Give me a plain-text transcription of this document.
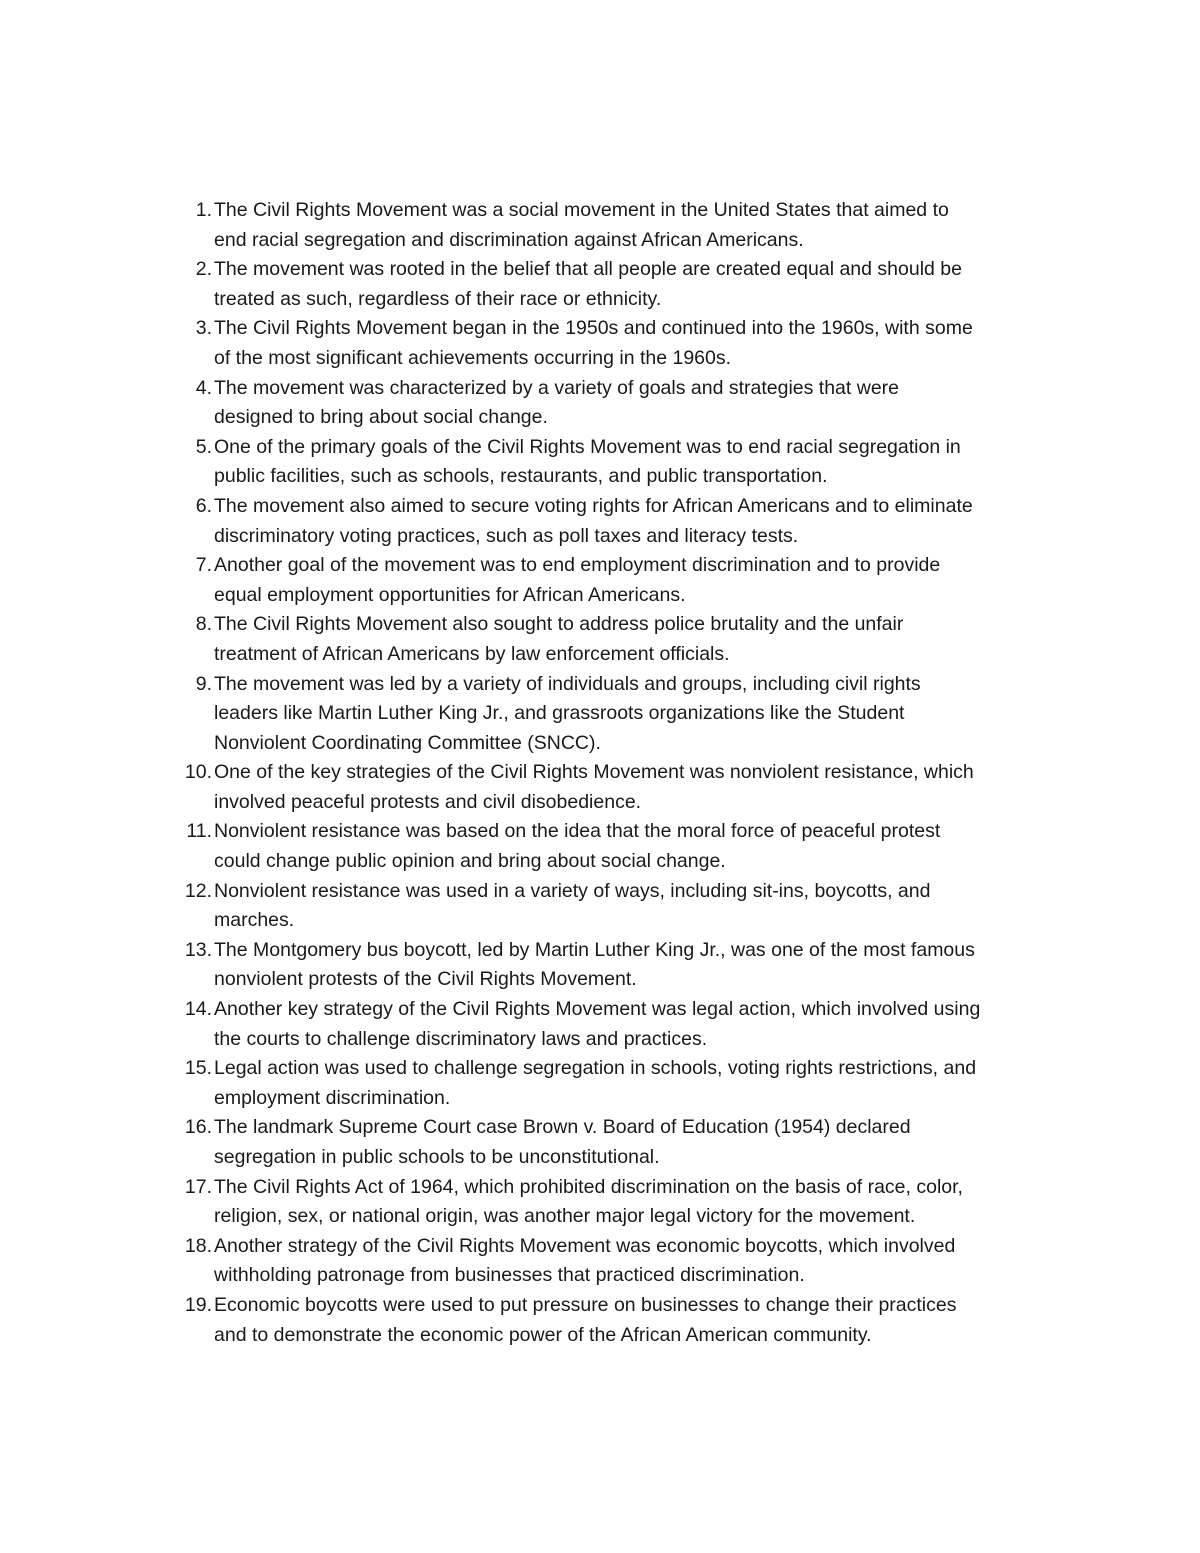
1. The Civil Rights Movement was a social movement in the United States that aimed to
end racial segregation and discrimination against African Americans.
2. The movement was rooted in the belief that all people are created equal and should be
treated as such, regardless of their race or ethnicity.
3. The Civil Rights Movement began in the 1950s and continued into the 1960s, with some
of the most significant achievements occurring in the 1960s.
4. The movement was characterized by a variety of goals and strategies that were
designed to bring about social change.
5. One of the primary goals of the Civil Rights Movement was to end racial segregation in
public facilities, such as schools, restaurants, and public transportation.
6. The movement also aimed to secure voting rights for African Americans and to eliminate
discriminatory voting practices, such as poll taxes and literacy tests.
7. Another goal of the movement was to end employment discrimination and to provide
equal employment opportunities for African Americans.
8. The Civil Rights Movement also sought to address police brutality and the unfair
treatment of African Americans by law enforcement officials.
9. The movement was led by a variety of individuals and groups, including civil rights
leaders like Martin Luther King Jr., and grassroots organizations like the Student
Nonviolent Coordinating Committee (SNCC).
10. One of the key strategies of the Civil Rights Movement was nonviolent resistance, which
involved peaceful protests and civil disobedience.
11. Nonviolent resistance was based on the idea that the moral force of peaceful protest
could change public opinion and bring about social change.
12. Nonviolent resistance was used in a variety of ways, including sit-ins, boycotts, and
marches.
13. The Montgomery bus boycott, led by Martin Luther King Jr., was one of the most famous
nonviolent protests of the Civil Rights Movement.
14. Another key strategy of the Civil Rights Movement was legal action, which involved using
the courts to challenge discriminatory laws and practices.
15. Legal action was used to challenge segregation in schools, voting rights restrictions, and
employment discrimination.
16. The landmark Supreme Court case Brown v. Board of Education (1954) declared
segregation in public schools to be unconstitutional.
17. The Civil Rights Act of 1964, which prohibited discrimination on the basis of race, color,
religion, sex, or national origin, was another major legal victory for the movement.
18. Another strategy of the Civil Rights Movement was economic boycotts, which involved
withholding patronage from businesses that practiced discrimination.
19. Economic boycotts were used to put pressure on businesses to change their practices
and to demonstrate the economic power of the African American community.
